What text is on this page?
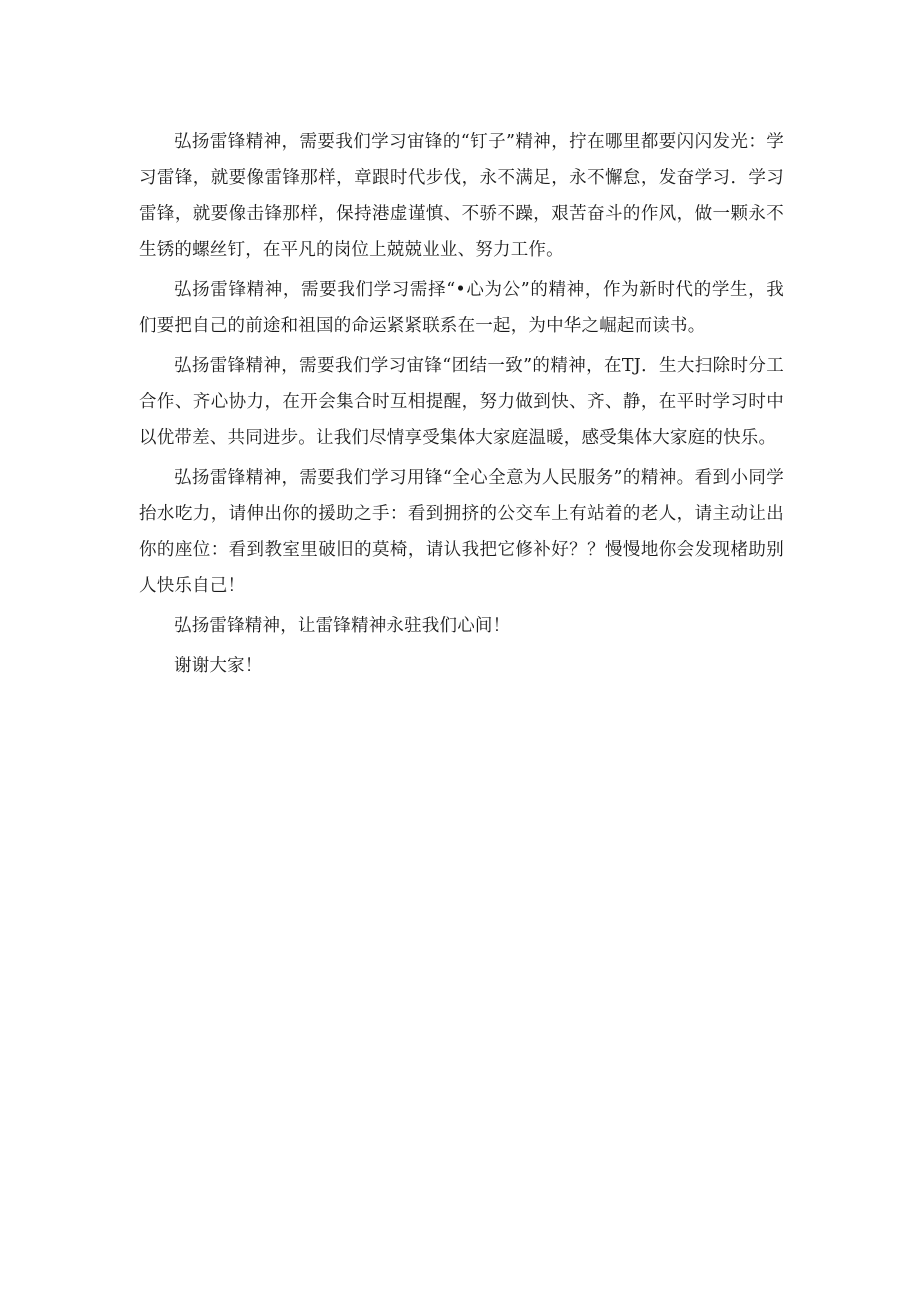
弘扬雷锋精神，需要我们学习宙锋的“钉子”精神，拧在哪里都要闪闪发光：学习雷锋，就要像雷锋那样，章跟时代步伐，永不满足，永不懈怠，发奋学习．学习雷锋，就要像击锋那样，保持港虚谨慎、不骄不躁，艰苦奋斗的作风，做一颗永不生锈的螺丝钉，在平凡的岗位上兢兢业业、努力工作。

弘扬雷锋精神，需要我们学习需择“•心为公”的精神，作为新时代的学生，我们要把自己的前途和祖国的命运紧紧联系在一起，为中华之崛起而读书。

弘扬雷锋精神，需要我们学习宙锋“团结一致”的精神，在TJ．生大扫除时分工合作、齐心协力，在开会集合时互相提醒，努力做到快、齐、静，在平时学习时中以优带差、共同进步。让我们尽情享受集体大家庭温暖，感受集体大家庭的快乐。

弘扬雷锋精神，需要我们学习用锋“全心全意为人民服务”的精神。看到小同学抬水吃力，请伸出你的援助之手：看到拥挤的公交车上有站着的老人，请主动让出你的座位：看到教室里破旧的莫椅，请认我把它修补好？？慢慢地你会发现楮助别人快乐自己！

弘扬雷锋精神，让雷锋精神永驻我们心间！

谢谢大家！
